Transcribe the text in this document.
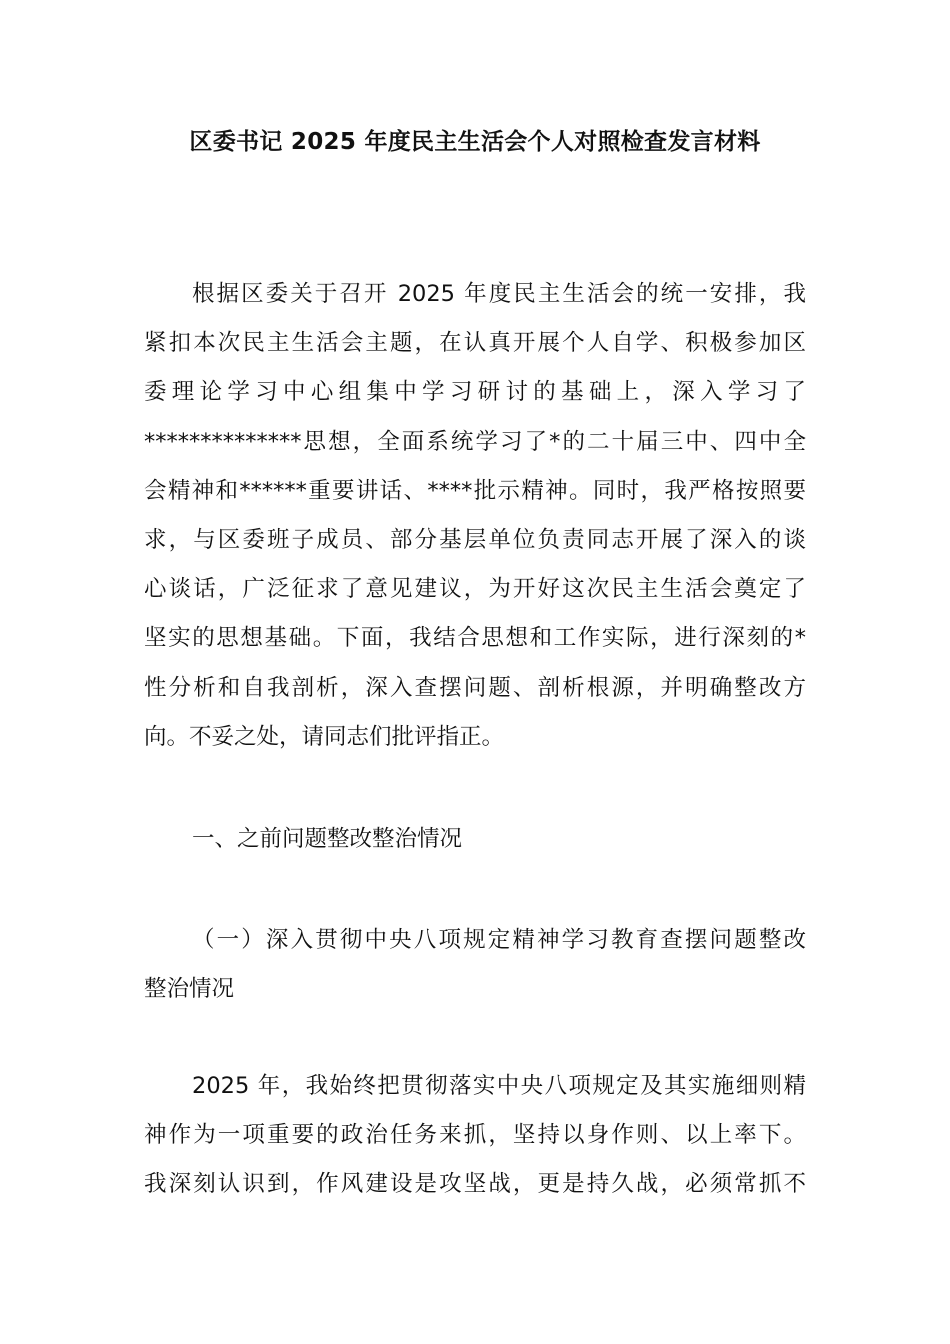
区委书记 2025 年度民主生活会个人对照检查发言材料
根据区委关于召开 2025 年度民主生活会的统一安排，我
紧扣本次民主生活会主题，在认真开展个人自学、积极参加区
委理论学习中心组集中学习研讨的基础上，深入学习了
**************思想，全面系统学习了*的二十届三中、四中全
会精神和******重要讲话、****批示精神。同时，我严格按照要
求，与区委班子成员、部分基层单位负责同志开展了深入的谈
心谈话，广泛征求了意见建议，为开好这次民主生活会奠定了
坚实的思想基础。下面，我结合思想和工作实际，进行深刻的*
性分析和自我剖析，深入查摆问题、剖析根源，并明确整改方
向。不妥之处，请同志们批评指正。
一、之前问题整改整治情况
（一）深入贯彻中央八项规定精神学习教育查摆问题整改
整治情况
2025 年，我始终把贯彻落实中央八项规定及其实施细则精
神作为一项重要的政治任务来抓，坚持以身作则、以上率下。
我深刻认识到，作风建设是攻坚战，更是持久战，必须常抓不
